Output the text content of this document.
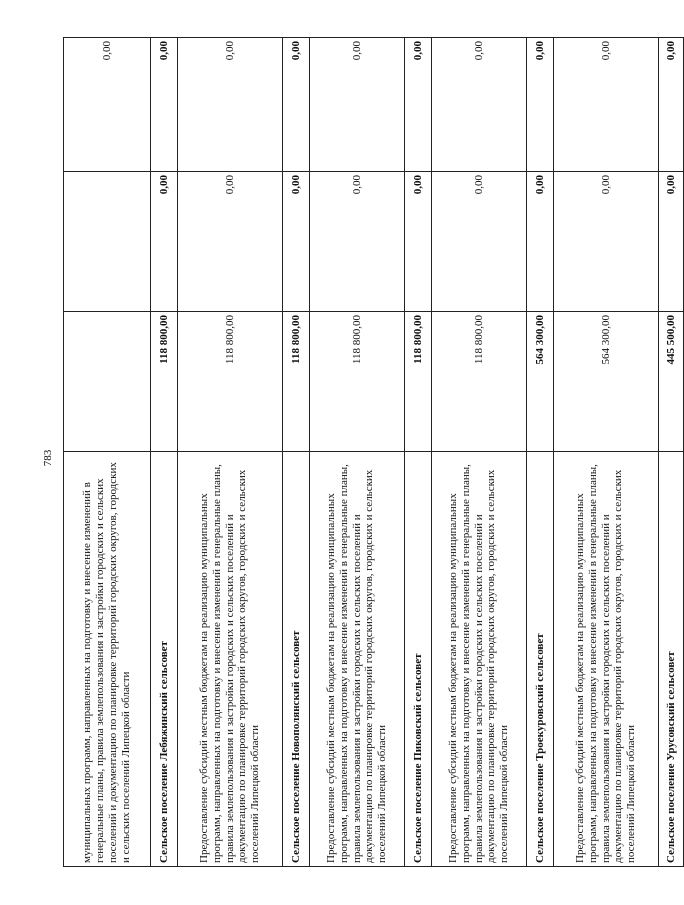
783
муниципальных программ, направленных на подготовку и внесение изменений в генеральные планы, правила землепользования и застройки городских и сельских поселений и документацию по планировке территорий городских округов, городских и сельских поселений Липецкой области			0,00
Сельское поселение Лебяжинский сельсовет	118 800,00	0,00	0,00
Предоставление субсидий местным бюджетам на реализацию муниципальных программ, направленных на подготовку и внесение изменений в генеральные планы, правила землепользования и застройки городских и сельских поселений и документацию по планировке территорий городских округов, городских и сельских поселений Липецкой области	118 800,00	0,00	0,00
Сельское поселение Новополянский сельсовет	118 800,00	0,00	0,00
Предоставление субсидий местным бюджетам на реализацию муниципальных программ, направленных на подготовку и внесение изменений в генеральные планы, правила землепользования и застройки городских и сельских поселений и документацию по планировке территорий городских округов, городских и сельских поселений Липецкой области	118 800,00	0,00	0,00
Сельское поселение Пиковский сельсовет	118 800,00	0,00	0,00
Предоставление субсидий местным бюджетам на реализацию муниципальных программ, направленных на подготовку и внесение изменений в генеральные планы, правила землепользования и застройки городских и сельских поселений и документацию по планировке территорий городских округов, городских и сельских поселений Липецкой области	118 800,00	0,00	0,00
Сельское поселение Троекуровский сельсовет	564 300,00	0,00	0,00
Предоставление субсидий местным бюджетам на реализацию муниципальных программ, направленных на подготовку и внесение изменений в генеральные планы, правила землепользования и застройки городских и сельских поселений и документацию по планировке территорий городских округов, городских и сельских поселений Липецкой области	564 300,00	0,00	0,00
Сельское поселение Урусовский сельсовет	445 500,00	0,00	0,00
